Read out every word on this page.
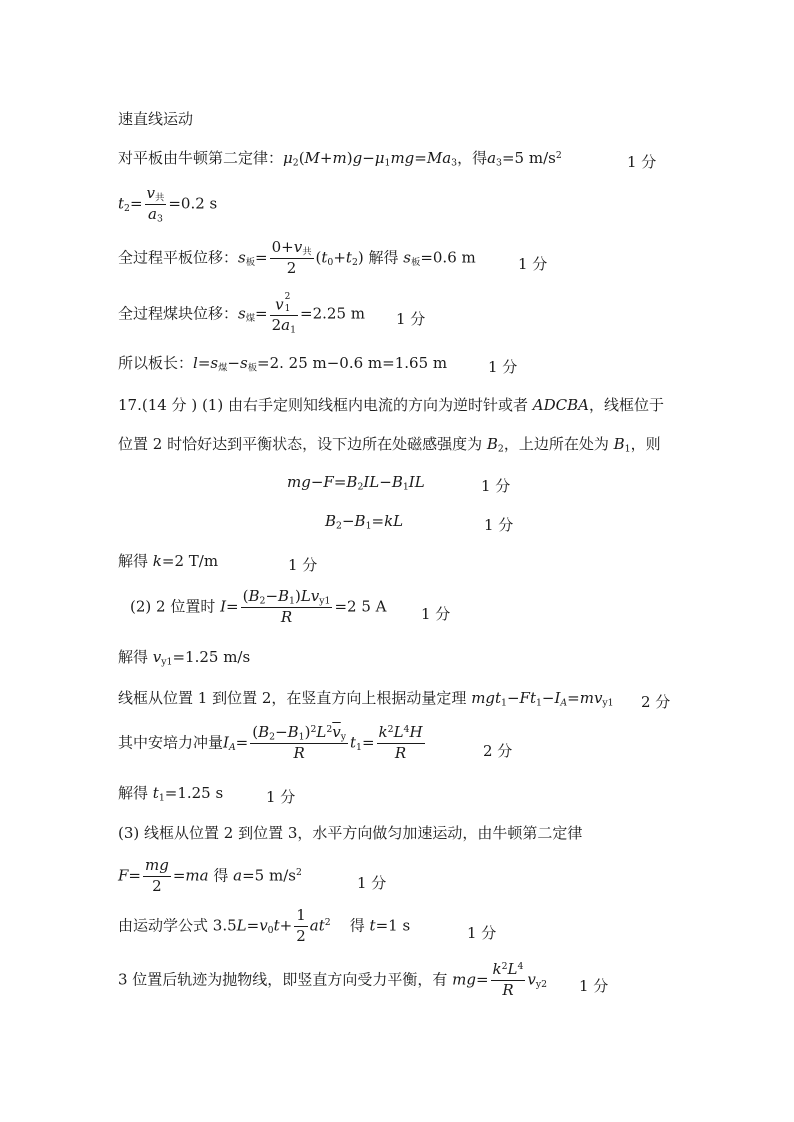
速直线运动
对平板由牛顿第二定律：$\mu_2(M+m)g-\mu_1mg=Ma_3$，得$a_3=5$ $m/s^2$	1 分
$t_2= \frac{v_共}{a_3} =0.2$ s
全过程平板位移：$s_板= \frac{0+v_共}{2} (t_0+t_2)$ 解得 $s_板=0.6$ m	1 分
全过程煤块位移：$s_煤= v$ 2
1
$2a_1 =2.25$ m 1 分
所以板长：$l=s_煤-s_板=2$. 25 m−0.6 m=1.65 m	1 分
17.(14 分 ) (1) 由右手定则知线框内电流的方向为逆时针或者 ADCBA，线框位于
位置 2 时恰好达到平衡状态，设下边所在处磁感强度为 $B_2$，上边所在处为 $B_1$，则
$mg-F=B_2IL-B_1IL$	1 分
$B_2-B_1=kL$	1 分
解得 k=2 T/m	1 分
(2) 2 位置时 $I= \frac{(B_2-B_1)Lv_{y1}}{R} =2$ 5 A 1 分
解得 $v_{y1}=1.25$ m/s
线框从位置 1 到位置 2，在竖直方向上根据动量定理 $mgt_1-Ft_1-I_A=mv_{y1}$ 2 分
其中安培力冲量$I_A= \frac{(B_2-B_1)^2L^2\overline{v}_y}{R} t_1= \frac{k^2L^4H}{R}$	2 分
解得 $t_1=1.25$ s	1 分
(3) 线框从位置 2 到位置 3，水平方向做匀加速运动，由牛顿第二定律
$F= \frac{mg}{2} =ma$ 得 a=5 $m/s^2$
1 分
由运动学公式 $3.5L=v_0t+ \frac{1}{2} at^2$ 得 t=1 s	1 分
3 位置后轨迹为抛物线，即竖直方向受力平衡，有 $mg= \frac{k^2L^4}{R} v_{y2}$ 1 分
